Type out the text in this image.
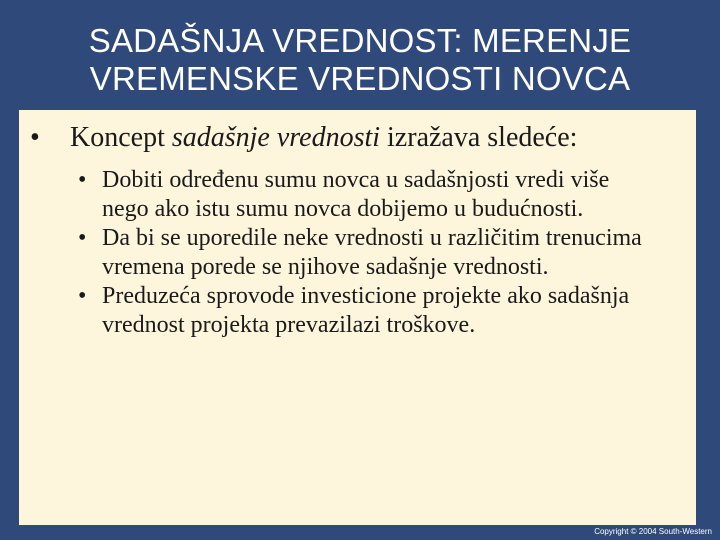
SADAŠNJA VREDNOST: MERENJE
VREMENSKE VREDNOSTI NOVCA
• Koncept sadašnje vrednosti izražava sledeće:
• Dobiti određenu sumu novca u sadašnjosti vredi više nego ako istu sumu novca dobijemo u budućnosti.
• Da bi se uporedile neke vrednosti u različitim trenucima vremena porede se njihove sadašnje vrednosti.
• Preduzeća sprovode investicione projekte ako sadašnja vrednost projekta prevazilazi troškove.
Copyright © 2004 South-Western
